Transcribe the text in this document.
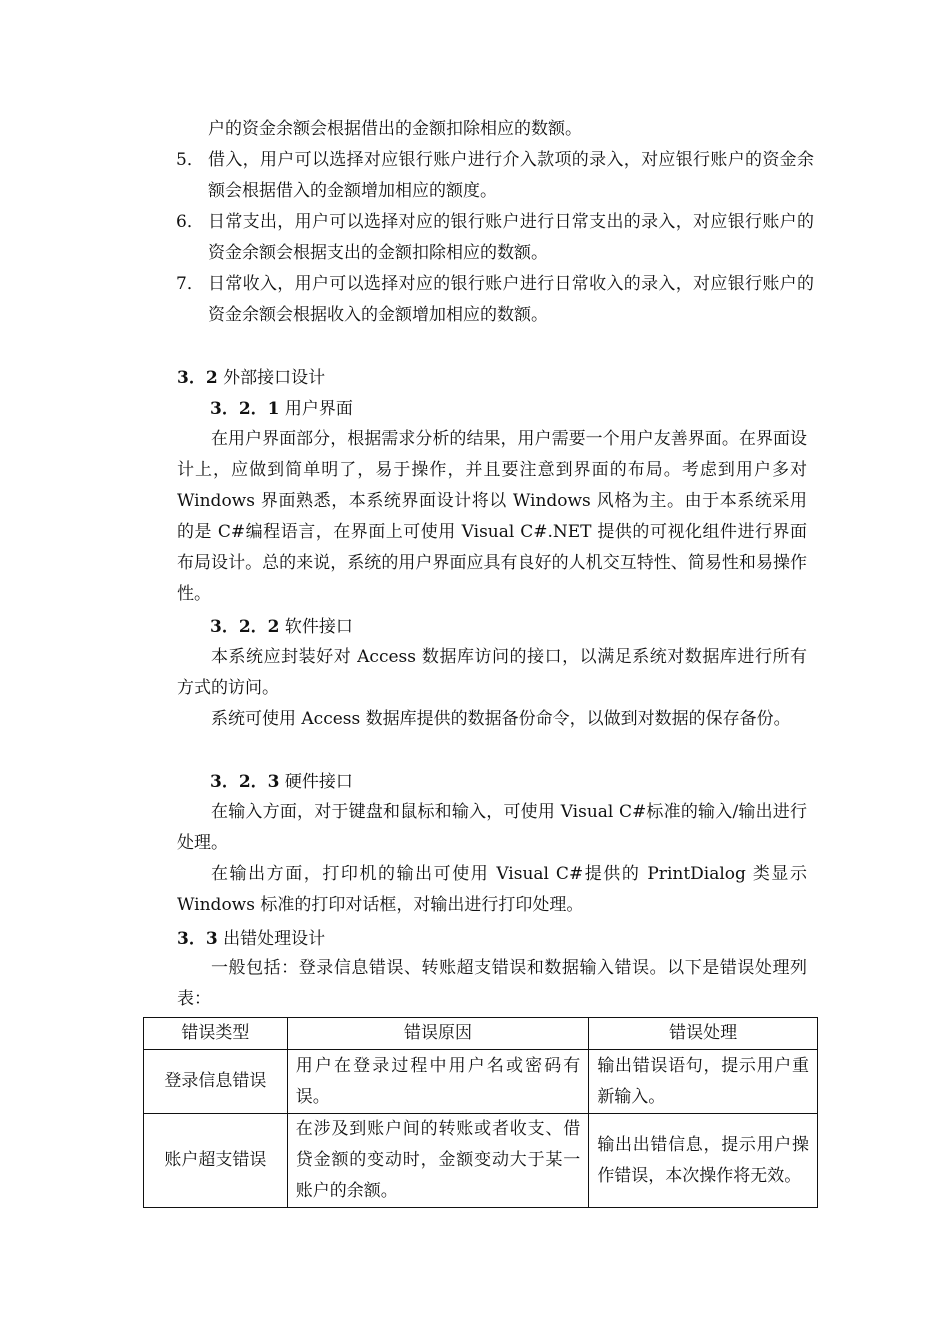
户的资金余额会根据借出的金额扣除相应的数额。
5． 借入，用户可以选择对应银行账户进行介入款项的录入，对应银行账户的资金余额会根据借入的金额增加相应的额度。
6． 日常支出，用户可以选择对应的银行账户进行日常支出的录入，对应银行账户的资金余额会根据支出的金额扣除相应的数额。
7． 日常收入，用户可以选择对应的银行账户进行日常收入的录入，对应银行账户的资金余额会根据收入的金额增加相应的数额。
3．2 外部接口设计
3．2．1 用户界面
在用户界面部分，根据需求分析的结果，用户需要一个用户友善界面。在界面设计上，应做到简单明了，易于操作，并且要注意到界面的布局。考虑到用户多对 Windows 界面熟悉，本系统界面设计将以 Windows 风格为主。由于本系统采用的是 C#编程语言，在界面上可使用 Visual C#.NET 提供的可视化组件进行界面布局设计。总的来说，系统的用户界面应具有良好的人机交互特性、简易性和易操作性。
3．2．2 软件接口
本系统应封装好对 Access 数据库访问的接口，以满足系统对数据库进行所有方式的访问。
系统可使用 Access 数据库提供的数据备份命令，以做到对数据的保存备份。
3．2．3 硬件接口
在输入方面，对于键盘和鼠标和输入，可使用 Visual C#标准的输入/输出进行处理。
在输出方面，打印机的输出可使用 Visual C#提供的 PrintDialog 类显示 Windows 标准的打印对话框，对输出进行打印处理。
3．3 出错处理设计
一般包括：登录信息错误、转账超支错误和数据输入错误。以下是错误处理列表：
错误类型	错误原因	错误处理
登录信息错误	用户在登录过程中用户名或密码有误。	输出错误语句，提示用户重新输入。
账户超支错误	在涉及到账户间的转账或者收支、借贷金额的变动时，金额变动大于某一账户的余额。	输出出错信息，提示用户操作错误，本次操作将无效。
